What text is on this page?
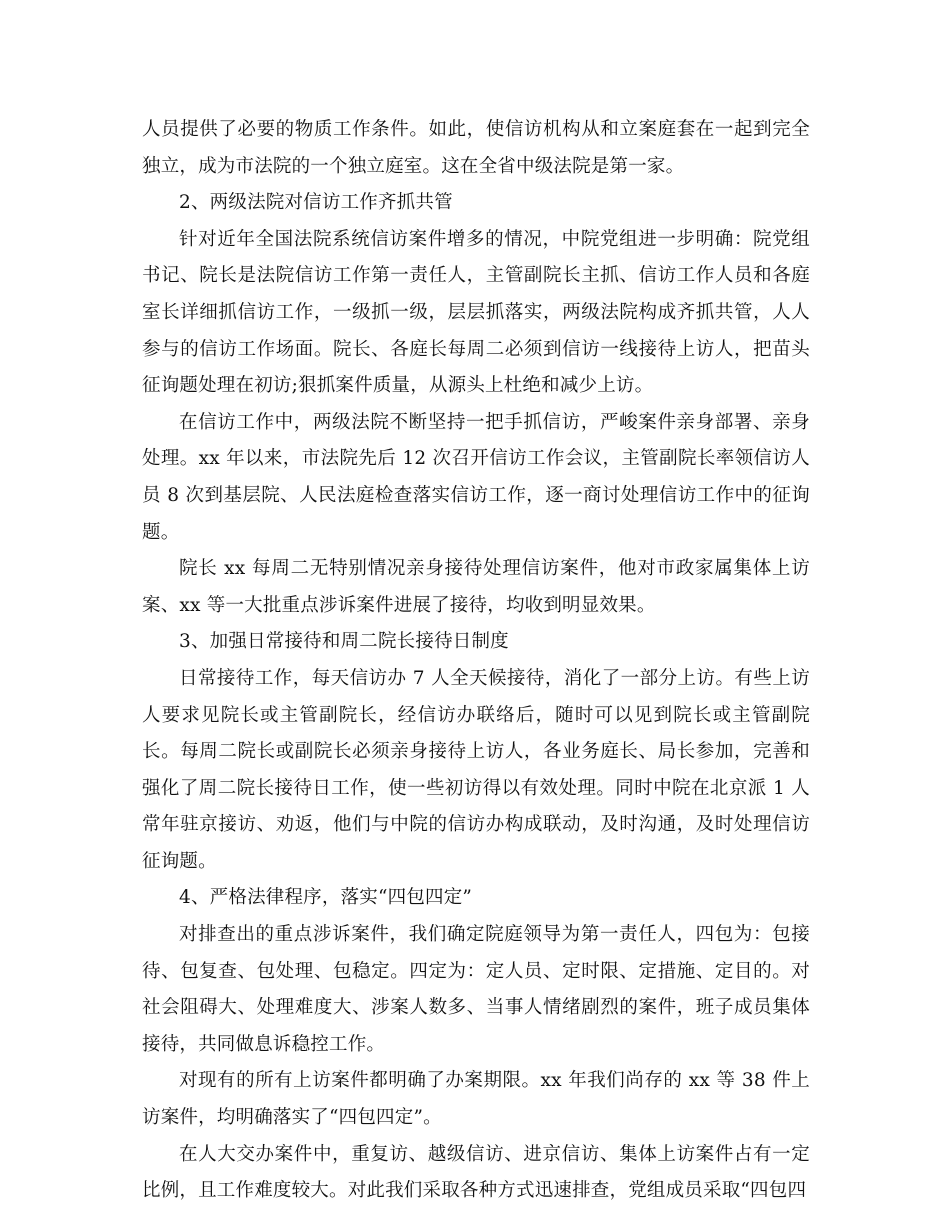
人员提供了必要的物质工作条件。如此，使信访机构从和立案庭套在一起到完全独立，成为市法院的一个独立庭室。这在全省中级法院是第一家。

2、两级法院对信访工作齐抓共管

针对近年全国法院系统信访案件增多的情况，中院党组进一步明确：院党组书记、院长是法院信访工作第一责任人，主管副院长主抓、信访工作人员和各庭室长详细抓信访工作，一级抓一级，层层抓落实，两级法院构成齐抓共管，人人参与的信访工作场面。院长、各庭长每周二必须到信访一线接待上访人，把苗头征询题处理在初访;狠抓案件质量，从源头上杜绝和减少上访。

在信访工作中，两级法院不断坚持一把手抓信访，严峻案件亲身部署、亲身处理。xx 年以来，市法院先后 12 次召开信访工作会议，主管副院长率领信访人员 8 次到基层院、人民法庭检查落实信访工作，逐一商讨处理信访工作中的征询题。

院长 xx 每周二无特别情况亲身接待处理信访案件，他对市政家属集体上访案、xx 等一大批重点涉诉案件进展了接待，均收到明显效果。

3、加强日常接待和周二院长接待日制度

日常接待工作，每天信访办 7 人全天候接待，消化了一部分上访。有些上访人要求见院长或主管副院长，经信访办联络后，随时可以见到院长或主管副院长。每周二院长或副院长必须亲身接待上访人，各业务庭长、局长参加，完善和强化了周二院长接待日工作，使一些初访得以有效处理。同时中院在北京派 1 人常年驻京接访、劝返，他们与中院的信访办构成联动，及时沟通，及时处理信访征询题。

4、严格法律程序，落实“四包四定”

对排查出的重点涉诉案件，我们确定院庭领导为第一责任人，四包为：包接待、包复查、包处理、包稳定。四定为：定人员、定时限、定措施、定目的。对社会阻碍大、处理难度大、涉案人数多、当事人情绪剧烈的案件，班子成员集体接待，共同做息诉稳控工作。

对现有的所有上访案件都明确了办案期限。xx 年我们尚存的 xx 等 38 件上访案件，均明确落实了“四包四定”。

在人大交办案件中，重复访、越级信访、进京信访、集体上访案件占有一定比例，且工作难度较大。对此我们采取各种方式迅速排查，党组成员采取“四包四
